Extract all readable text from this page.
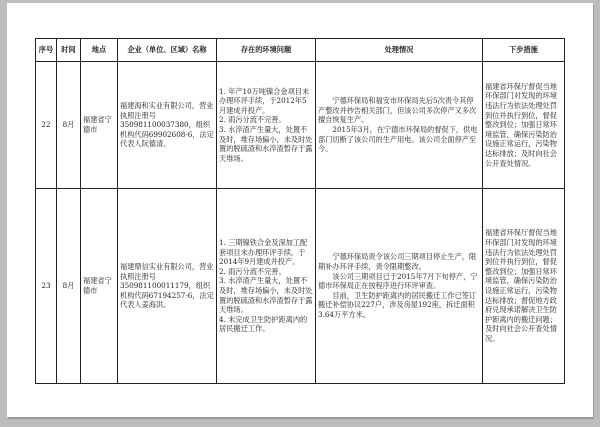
序号	时间	地点	企业（单位、区域）名称	存在的环境问题	处理情况	下步措施
22	8月	福建省宁德市	福建海和实业有限公司，营业执照注册号350981100037380，组织机构代码69902608-6，法定代表人阮德清。	1. 年产10万吨镍合金项目未办理环评手续，于2012年5月建成并投产。
2. 雨污分流不完善。
3. 水淬渣产生量大，处置不及时，堆存场偏小，未及时处置的脱硫渣和水淬渣暂存于露天堆场。	宁德环保局和福安市环保局先后5次责令其停产整改并抄告相关部门，但该公司多次停产又多次擅自恢复生产。
2015年3月，在宁德市环保局的督促下，供电部门切断了该公司的生产用电。该公司全面停产至今。	福建省环保厅督促当地环保部门对发现的环境违法行为依法处理处罚到位并执行到位，督促整改到位；加强日常环境监管，确保污染防治设施正常运行，污染物达标排放；及时向社会公开查处情况。
23	8月	福建省宁德市	福建鼎信实业有限公司，营业执照注册号350981100011179，组织机构代码67194257-6，法定代表人姜海洪。	1. 三期镍铁合金及深加工配套项目未办理环评手续，于2014年9月建成并投产。
2. 雨污分流不完善。
3. 水淬渣产生量大，处置不及时，堆存场偏小，未及时处置的脱硫渣和水淬渣暂存于露天堆场。
4. 未完成卫生防护距离内的居民搬迁工作。	宁德环保局责令该公司三期项目停止生产，限期补办环评手续，责令限期整改。
该公司三期项目已于2015年7月下旬停产，宁德市环保局正在按程序进行环评审查。
目前，卫生防护距离内的居民搬迁工作已签订搬迁补偿协议227户，涉及房屋192座，拆迁面积3.64万平方米。	福建省环保厅督促当地环保部门对发现的环境违法行为依法处理处罚到位并执行到位，督促整改到位；加强日常环境监管，确保污染防治设施正常运行，污染物达标排放；督促地方政府兑现承诺解决卫生防护距离内的搬迁问题；及时向社会公开查处情况。
